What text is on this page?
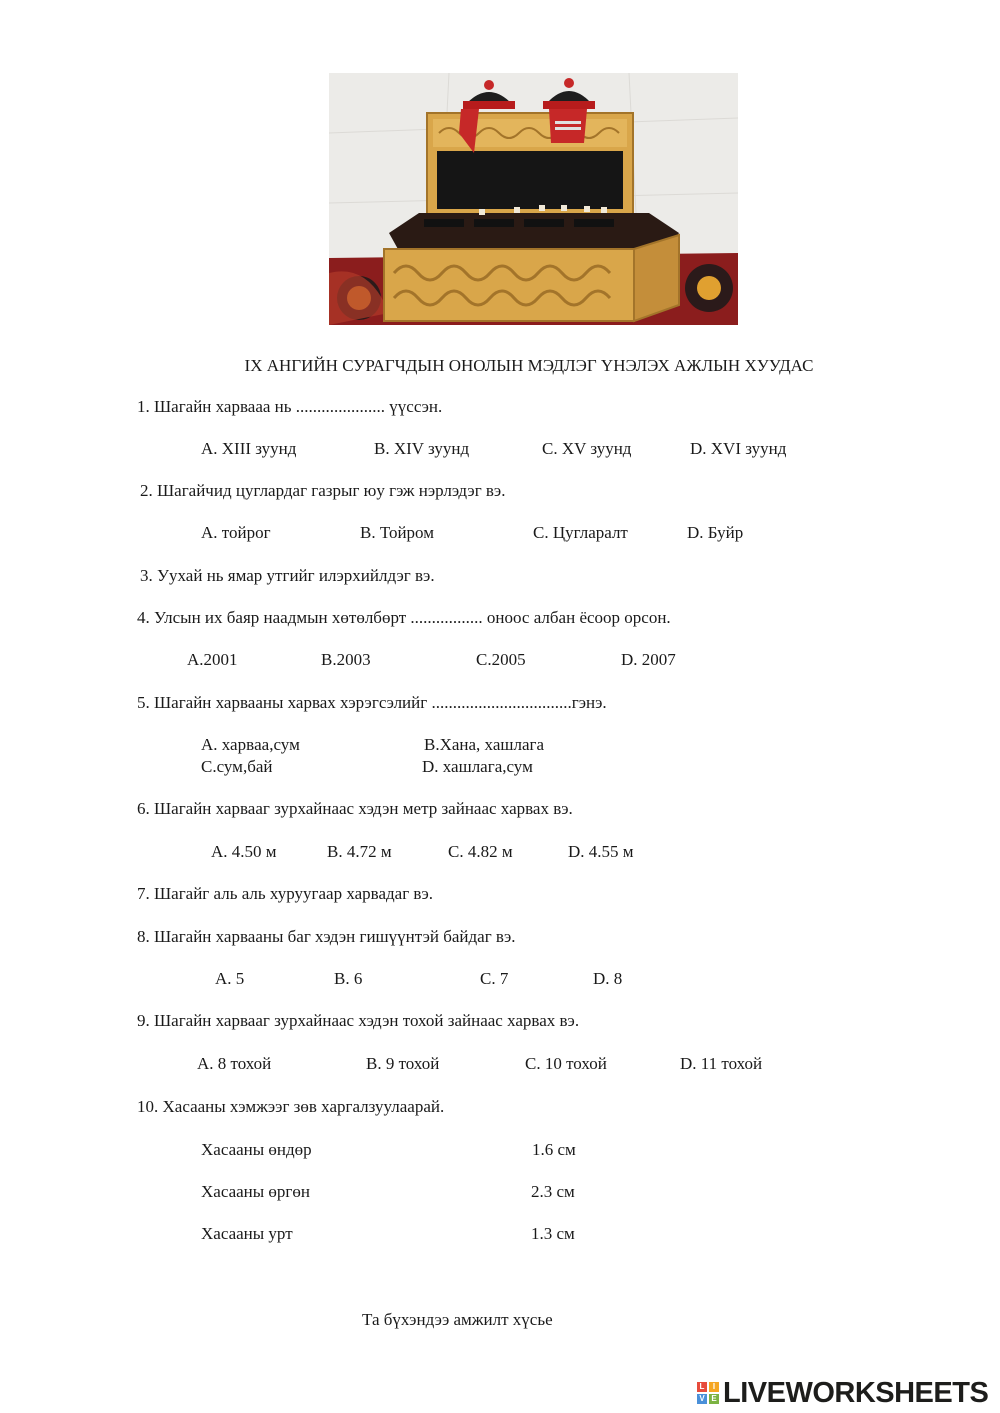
IX АНГИЙН СУРАГЧДЫН ОНОЛЫН МЭДЛЭГ ҮНЭЛЭХ АЖЛЫН ХУУДАС
1. Шагайн харвааа нь ..................... үүссэн.
A. XIII зуунд	B. XIV зуунд	C. XV зуунд	D. XVI зуунд
2. Шагайчид цуглардаг газрыг юу гэж нэрлэдэг вэ.
A. тойрог	B. Тойром	C. Цугларалт	D. Буйр
3. Уухай нь ямар утгийг илэрхийлдэг вэ.
4. Улсын их баяр наадмын хөтөлбөрт ................. оноос албан ёсоор орсон.
A.2001	B.2003	C.2005	D. 2007
5. Шагайн харвааны харвах хэрэгсэлийг .................................гэнэ.
A. харвaa,сум	B.Хана, хашлага
C.сум,бай	D. хашлага,сум
6. Шагайн харвааг зурхайнаас хэдэн метр зайнаас харвах вэ.
A. 4.50 м	B. 4.72 м	C. 4.82 м	D. 4.55 м
7. Шагайг аль аль хуруугаар харвадаг вэ.
8. Шагайн харвааны баг хэдэн гишүүнтэй байдаг вэ.
A. 5	B. 6	C. 7	D. 8
9. Шагайн харвааг зурхайнаас хэдэн тохой зайнаас харвах вэ.
A. 8 тохой	B. 9 тохой	C. 10 тохой	D. 11 тохой
10. Хасааны хэмжээг зөв харгалзуулаарай.
Хасааны өндөр	1.6 см
Хасааны өргөн	2.3 см
Хасааны урт	1.3 см
Та бүхэндээ амжилт хүсье
L	I
V E LIVEWORKSHEETS
